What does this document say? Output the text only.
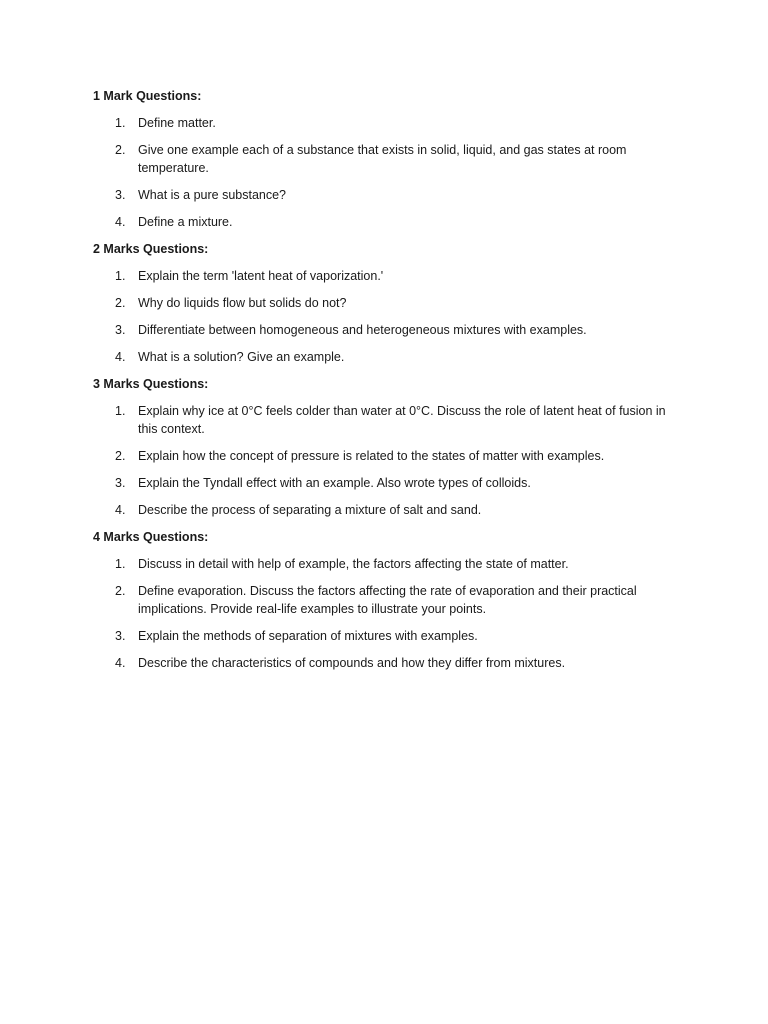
1 Mark Questions:
1.	Define matter.
2.	Give one example each of a substance that exists in solid, liquid, and gas states at room temperature.
3.	What is a pure substance?
4.	Define a mixture.
2 Marks Questions:
1.	Explain the term 'latent heat of vaporization.'
2.	Why do liquids flow but solids do not?
3.	Differentiate between homogeneous and heterogeneous mixtures with examples.
4.	What is a solution? Give an example.
3 Marks Questions:
1.	Explain why ice at 0°C feels colder than water at 0°C. Discuss the role of latent heat of fusion in this context.
2.	Explain how the concept of pressure is related to the states of matter with examples.
3.	Explain the Tyndall effect with an example. Also wrote types of colloids.
4.	Describe the process of separating a mixture of salt and sand.
4 Marks Questions:
1.	Discuss in detail with help of example, the factors affecting the state of matter.
2.	Define evaporation. Discuss the factors affecting the rate of evaporation and their practical implications. Provide real-life examples to illustrate your points.
3.	Explain the methods of separation of mixtures with examples.
4.	Describe the characteristics of compounds and how they differ from mixtures.
